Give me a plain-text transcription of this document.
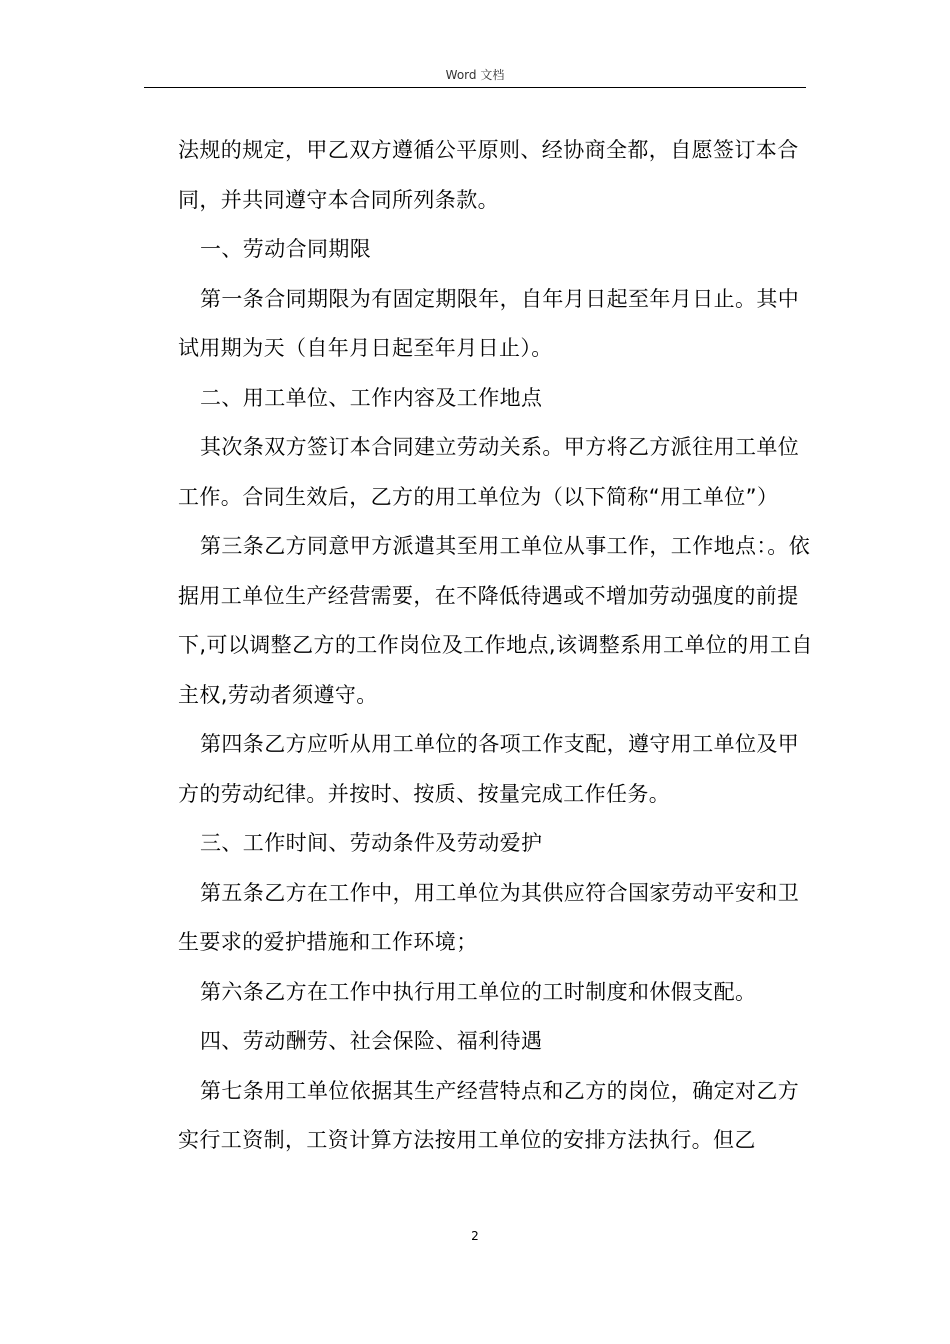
Word 文档

法规的规定，甲乙双方遵循公平原则、经协商全都，自愿签订本合同，并共同遵守本合同所列条款。

一、劳动合同期限

第一条合同期限为有固定期限年，自年月日起至年月日止。其中试用期为天（自年月日起至年月日止）。

二、用工单位、工作内容及工作地点

其次条双方签订本合同建立劳动关系。甲方将乙方派往用工单位工作。合同生效后，乙方的用工单位为（以下简称“用工单位”）

第三条乙方同意甲方派遣其至用工单位从事工作，工作地点：。依据用工单位生产经营需要，在不降低待遇或不增加劳动强度的前提下,可以调整乙方的工作岗位及工作地点,该调整系用工单位的用工自主权,劳动者须遵守。

第四条乙方应听从用工单位的各项工作支配，遵守用工单位及甲方的劳动纪律。并按时、按质、按量完成工作任务。

三、工作时间、劳动条件及劳动爱护

第五条乙方在工作中，用工单位为其供应符合国家劳动平安和卫生要求的爱护措施和工作环境；

第六条乙方在工作中执行用工单位的工时制度和休假支配。

四、劳动酬劳、社会保险、福利待遇

第七条用工单位依据其生产经营特点和乙方的岗位，确定对乙方实行工资制，工资计算方法按用工单位的安排方法执行。但乙

2
